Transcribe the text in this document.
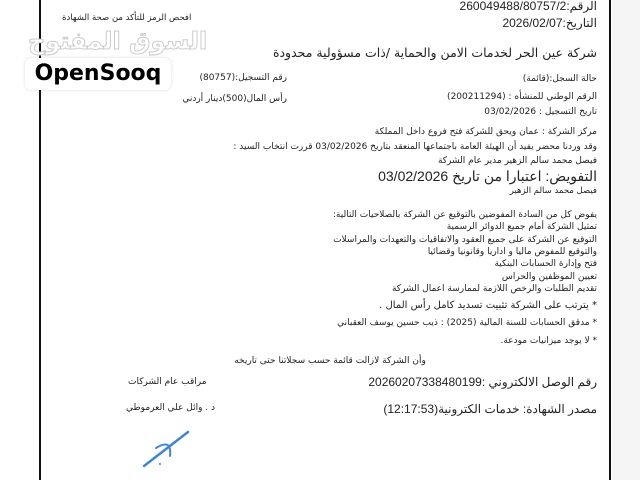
الرقم:260049488/80757/2
التاريخ:2026/02/07
افحص الرمز للتأكد من صحة الشهادة
شركة عين الحر لخدمات الامن والحماية /ذات مسؤولية محدودة
حالة السجل:(قائمة)
رقم التسجيل:(80757)
الرقم الوطني للمنشأه : (200211294)
رأس المال(500)دينار أردني
تاريخ التسجيل : 03/02/2026
مركز الشركة : عمان ويحق للشركة فتح فروع داخل المملكة
وقد وردنا محضر يفيد أن الهيئة العامة باجتماعها المنعقد بتاريخ 03/02/2026 قررت انتخاب السيد :
فيصل محمد سالم الزهير مدير عام الشركة
التفويض: اعتبارا من تاريخ 03/02/2026
فيصل محمد سالم الزهير
يفوض كل من السادة المفوضين بالتوقيع عن الشركة بالصلاحيات التالية:
تمثيل الشركة أمام جميع الدوائر الرسمية
التوقيع عن الشركة على جميع العقود والاتفاقيات والتعهدات والمراسلات
والتوقيع للمفوض ماليا و اداريا وقانونيا وقضائيا
فتح وإدارة الحسابات البنكية
تعيين الموظفين والحراس
تقديم الطلبات والرخص اللازمة لممارسة اعمال الشركة
* يترتب على الشركة تثبيت تسديد كامل رأس المال .
* مدقق الحسابات للسنة المالية (2025) : ذيب حسين يوسف العقباني
* لا يوجد ميزانيات مودعة.
وأن الشركة لازالت قائمة حسب سجلاتنا حتى تاريخه
رقم الوصل الالكتروني :20260207338480199
مصدر الشهادة: خدمات الكترونية(12:17:53)
مراقب عام الشركات
د . وائل علي العرموطي
السوق المفتوح
OpenSooq
